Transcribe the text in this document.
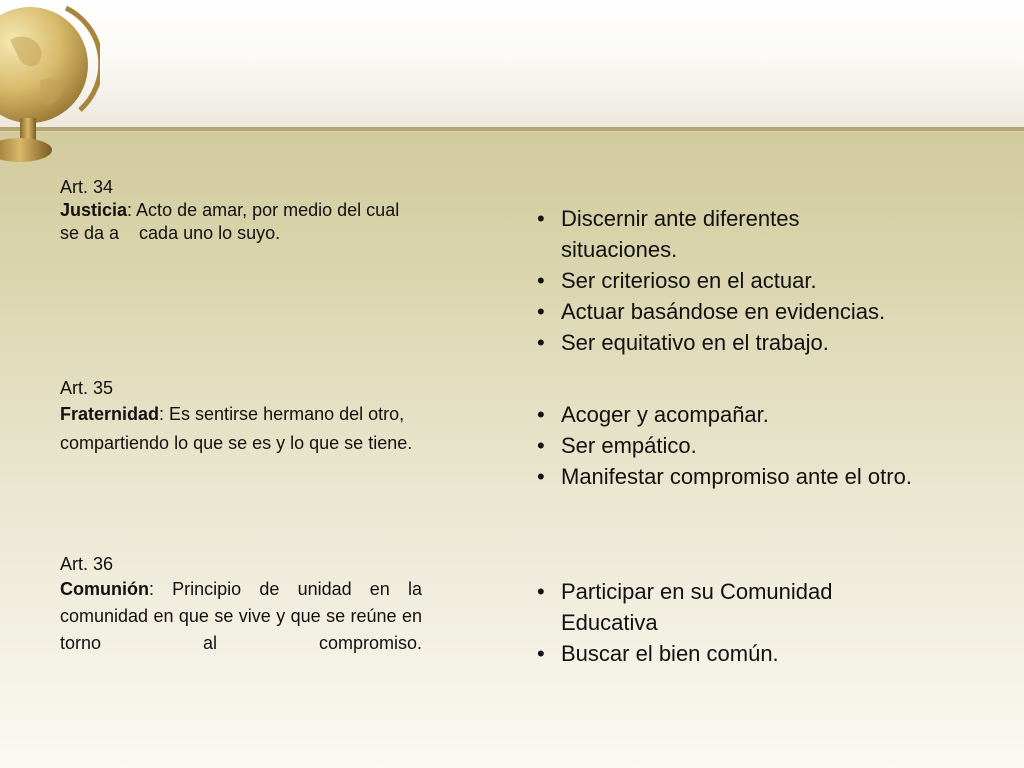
Art. 34
Justicia: Acto de amar, por medio del cual se da a    cada uno lo suyo.
• Discernir ante diferentes situaciones.
• Ser criterioso en el actuar.
• Actuar basándose en evidencias.
• Ser equitativo en el trabajo.
Art. 35
Fraternidad: Es sentirse hermano del otro, compartiendo lo que se es y lo que se tiene.
• Acoger y acompañar.
• Ser empático.
• Manifestar compromiso ante el otro.
Art. 36
Comunión: Principio de unidad en la comunidad en que se vive y que se reúne en torno al compromiso.
• Participar en su Comunidad Educativa
• Buscar el bien común.
